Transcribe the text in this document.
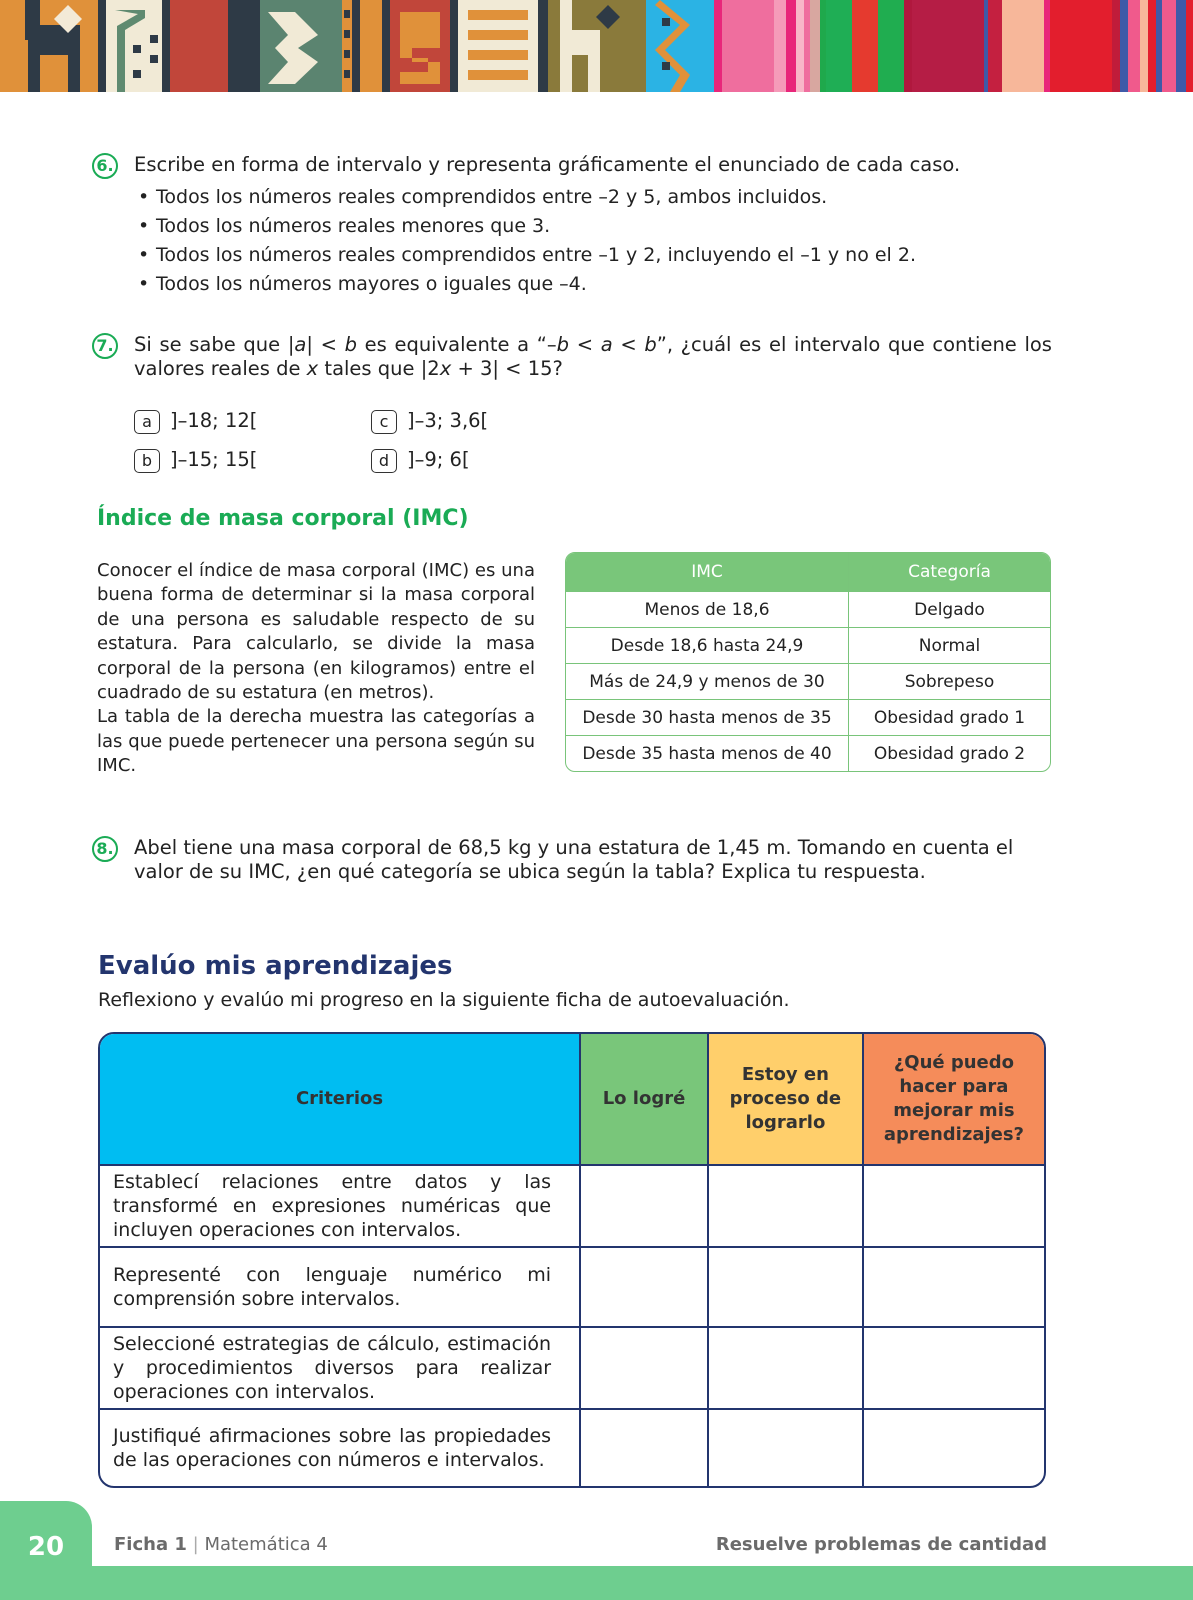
6. Escribe en forma de intervalo y representa gráficamente el enunciado de cada caso.
• Todos los números reales comprendidos entre –2 y 5, ambos incluidos.
• Todos los números reales menores que 3.
• Todos los números reales comprendidos entre –1 y 2, incluyendo el –1 y no el 2.
• Todos los números mayores o iguales que –4.
7. Si se sabe que |a| < b es equivalente a “–b < a < b”, ¿cuál es el intervalo que contiene los valores reales de x tales que |2x + 3| < 15?
a ]–18; 12[
b ]–15; 15[
c ]–3; 3,6[
d ]–9; 6[
Índice de masa corporal (IMC)
Conocer el índice de masa corporal (IMC) es una buena forma de determinar si la masa corporal de una persona es saludable respecto de su estatura. Para calcularlo, se divide la masa corporal de la persona (en kilogramos) entre el cuadrado de su estatura (en metros).
La tabla de la derecha muestra las categorías a las que puede pertenecer una persona según su IMC.
IMC	Categoría
Menos de 18,6	Delgado
Desde 18,6 hasta 24,9	Normal
Más de 24,9 y menos de 30	Sobrepeso
Desde 30 hasta menos de 35	Obesidad grado 1
Desde 35 hasta menos de 40	Obesidad grado 2
8. Abel tiene una masa corporal de 68,5 kg y una estatura de 1,45 m. Tomando en cuenta el valor de su IMC, ¿en qué categoría se ubica según la tabla? Explica tu respuesta.
Evalúo mis aprendizajes
Reflexiono y evalúo mi progreso en la siguiente ficha de autoevaluación.
Criterios	Lo logré	Estoy en proceso de lograrlo	¿Qué puedo hacer para mejorar mis aprendizajes?
Establecí relaciones entre datos y las transformé en expresiones numéricas que incluyen operaciones con intervalos.			
Representé con lenguaje numérico mi comprensión sobre intervalos.			
Seleccioné estrategias de cálculo, estimación y procedimientos diversos para realizar operaciones con intervalos.			
Justifiqué afirmaciones sobre las propiedades de las operaciones con números e intervalos.			
20	Ficha 1 | Matemática 4	Resuelve problemas de cantidad
